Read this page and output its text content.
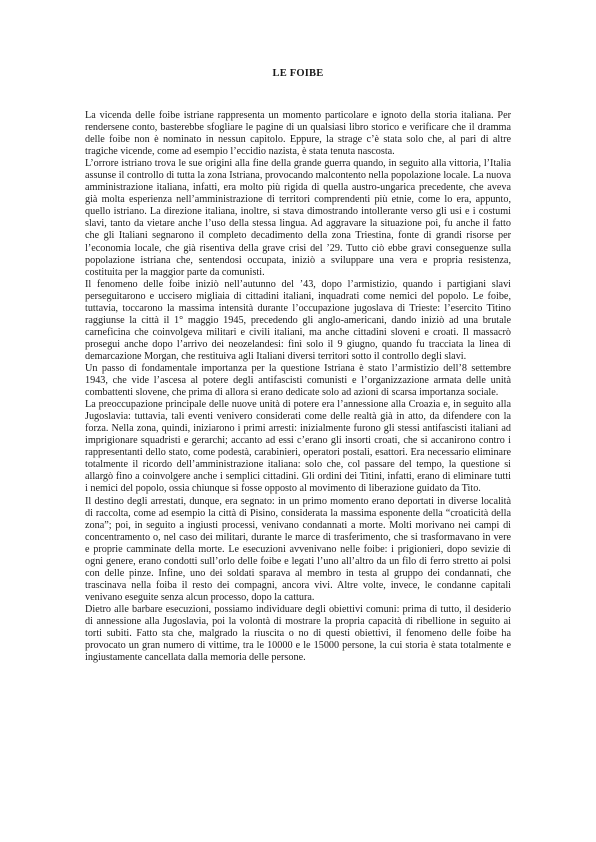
LE FOIBE

La vicenda delle foibe istriane rappresenta un momento particolare e ignoto della storia italiana. Per rendersene conto, basterebbe sfogliare le pagine di un qualsiasi libro storico e verificare che il dramma delle foibe non è nominato in nessun capitolo. Eppure, la strage c’è stata solo che, al pari di altre tragiche vicende, come ad esempio l’eccidio nazista, è stata tenuta nascosta.

L’orrore istriano trova le sue origini alla fine della grande guerra quando, in seguito alla vittoria, l’Italia assunse il controllo di tutta la zona Istriana, provocando malcontento nella popolazione locale. La nuova amministrazione italiana, infatti, era molto più rigida di quella austro-ungarica precedente, che aveva già molta esperienza nell’amministrazione di territori comprendenti più etnie, come lo era, appunto, quello istriano. La direzione italiana, inoltre, si stava dimostrando intollerante verso gli usi e i costumi slavi, tanto da vietare anche l’uso della stessa lingua. Ad aggravare la situazione poi, fu anche il fatto che gli Italiani segnarono il completo decadimento della zona Triestina, fonte di grandi risorse per l’economia locale, che già risentiva della grave crisi del ’29. Tutto ciò ebbe gravi conseguenze sulla popolazione istriana che, sentendosi occupata, iniziò a sviluppare una vera e propria resistenza, costituita per la maggior parte da comunisti.

Il fenomeno delle foibe iniziò nell’autunno del ’43, dopo l’armistizio, quando i partigiani slavi perseguitarono e uccisero migliaia di cittadini italiani, inquadrati come nemici del popolo. Le foibe, tuttavia, toccarono la massima intensità durante l’occupazione jugoslava di Trieste: l’esercito Titino raggiunse la città il 1° maggio 1945, precedendo gli anglo-americani, dando iniziò ad una brutale carneficina che coinvolgeva militari e civili italiani, ma anche cittadini sloveni e croati. Il massacrò prosegui anche dopo l’arrivo dei neozelandesi: finì solo il 9 giugno, quando fu tracciata la linea di demarcazione Morgan, che restituiva agli Italiani diversi territori sotto il controllo degli slavi.

Un passo di fondamentale importanza per la questione Istriana è stato l’armistizio dell’8 settembre 1943, che vide l’ascesa al potere degli antifascisti comunisti e l’organizzazione armata delle unità combattenti slovene, che prima di allora si erano dedicate solo ad azioni di scarsa importanza sociale.

La preoccupazione principale delle nuove unità di potere era l’annessione alla Croazia e, in seguito alla Jugoslavia: tuttavia, tali eventi venivero considerati come delle realtà già in atto, da difendere con la forza. Nella zona, quindi, iniziarono i primi arresti: inizialmente furono gli stessi antifascisti italiani ad imprigionare squadristi e gerarchi; accanto ad essi c’erano gli insorti croati, che si accanirono contro i rappresentanti dello stato, come podestà, carabinieri, operatori postali, esattori. Era necessario eliminare totalmente il ricordo dell’amministrazione italiana: solo che, col passare del tempo, la questione si allargò fino a coinvolgere anche i semplici cittadini. Gli ordini dei Titini, infatti, erano di eliminare tutti i nemici del popolo, ossia chiunque si fosse opposto al movimento di liberazione guidato da Tito.

Il destino degli arrestati, dunque, era segnato: in un primo momento erano deportati in diverse località di raccolta, come ad esempio la città di Pisino, considerata la massima esponente della “croaticità della zona”; poi, in seguito a ingiusti processi, venivano condannati a morte. Molti morivano nei campi di concentramento o, nel caso dei militari, durante le marce di trasferimento, che si trasformavano in vere e proprie camminate della morte. Le esecuzioni avvenivano nelle foibe: i prigionieri, dopo sevizie di ogni genere, erano condotti sull’orlo delle foibe e legati l’uno all’altro da un filo di ferro stretto ai polsi con delle pinze. Infine, uno dei soldati sparava al membro in testa al gruppo dei condannati, che trascinava nella foiba il resto dei compagni, ancora vivi. Altre volte, invece, le condanne capitali venivano eseguite senza alcun processo, dopo la cattura.

Dietro alle barbare esecuzioni, possiamo individuare degli obiettivi comuni: prima di tutto, il desiderio di annessione alla Jugoslavia, poi la volontà di mostrare la propria capacità di ribellione in seguito ai torti subiti. Fatto sta che, malgrado la riuscita o no di questi obiettivi, il fenomeno delle foibe ha provocato un gran numero di vittime, tra le 10000 e le 15000 persone, la cui storia è stata totalmente e ingiustamente cancellata dalla memoria delle persone.
